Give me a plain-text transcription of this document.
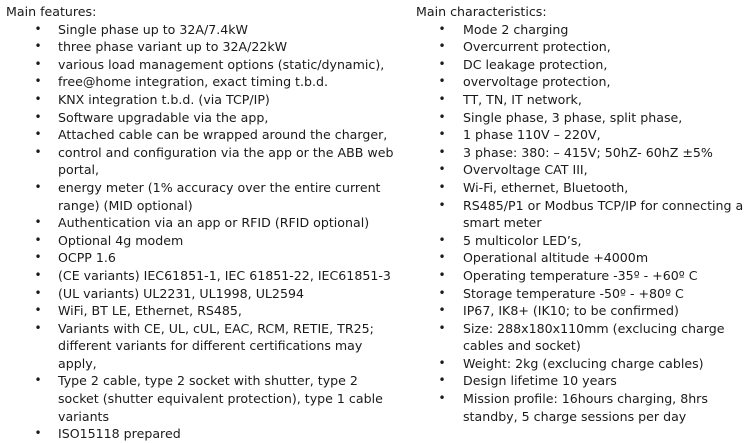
Main features:

• Single phase up to 32A/7.4kW
• three phase variant up to 32A/22kW
• various load management options (static/dynamic),
• free@home integration, exact timing t.b.d.
• KNX integration t.b.d. (via TCP/IP)
• Software upgradable via the app,
• Attached cable can be wrapped around the charger,
• control and configuration via the app or the ABB web portal,
• energy meter (1% accuracy over the entire current range) (MID optional)
• Authentication via an app or RFID (RFID optional)
• Optional 4g modem
• OCPP 1.6
• (CE variants) IEC61851-1, IEC 61851-22, IEC61851-3
• (UL variants) UL2231, UL1998, UL2594
• WiFi, BT LE, Ethernet, RS485,
• Variants with CE, UL, cUL, EAC, RCM, RETIE, TR25; different variants for different certifications may apply,
• Type 2 cable, type 2 socket with shutter, type 2 socket (shutter equivalent protection), type 1 cable variants
• ISO15118 prepared

Main characteristics:

• Mode 2 charging
• Overcurrent protection,
• DC leakage protection,
• overvoltage protection,
• TT, TN, IT network,
• Single phase, 3 phase, split phase,
• 1 phase 110V – 220V,
• 3 phase: 380: – 415V; 50hZ- 60hZ ±5%
• Overvoltage CAT III,
• Wi-Fi, ethernet, Bluetooth,
• RS485/P1 or Modbus TCP/IP for connecting a smart meter
• 5 multicolor LED’s,
• Operational altitude +4000m
• Operating temperature -35º - +60º C
• Storage temperature -50º - +80º C
• IP67, IK8+ (IK10; to be confirmed)
• Size: 288x180x110mm (exclucing charge cables and socket)
• Weight: 2kg (exclucing charge cables)
• Design lifetime 10 years
• Mission profile: 16hours charging, 8hrs standby, 5 charge sessions per day
